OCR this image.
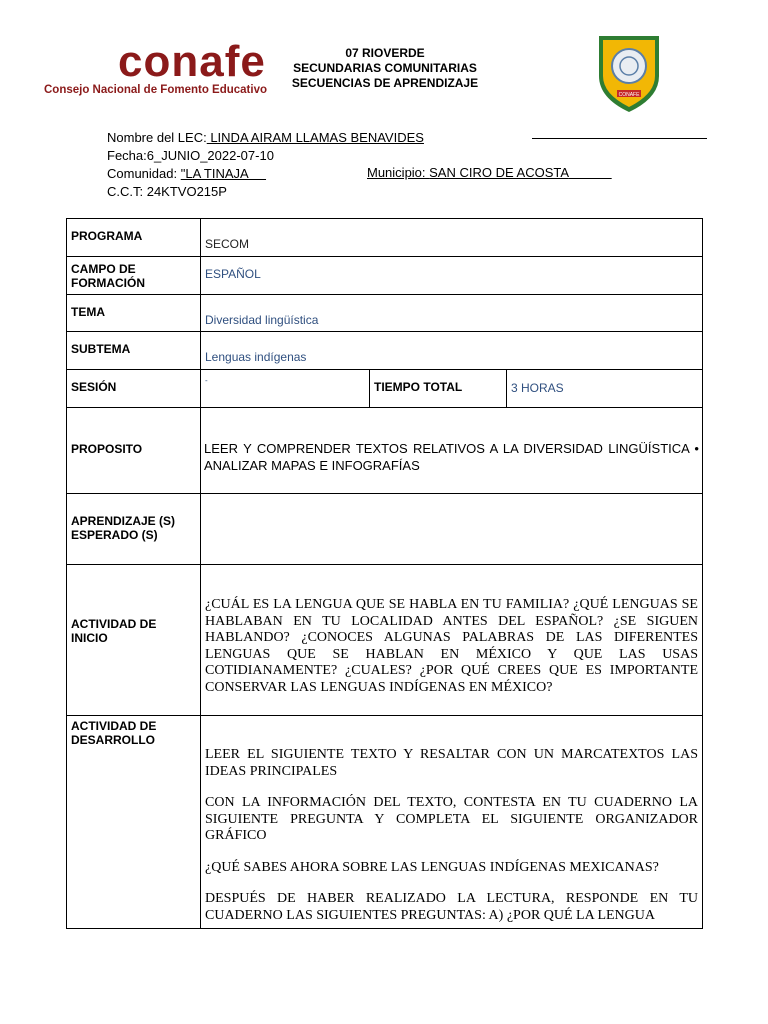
conafe
Consejo Nacional de Fomento Educativo
07 RIOVERDE
SECUNDARIAS COMUNITARIAS
SECUENCIAS DE APRENDIZAJE
CONAFE
Nombre del LEC: LINDA AIRAM LLAMAS BENAVIDES
Fecha:6_JUNIO_2022-07-10
Comunidad: "LA TINAJA	Municipio: SAN CIRO DE ACOSTA
C.C.T: 24KTVO215P
PROGRAMA	SECOM		

CAMPO DE FORMACIÓN	ESPAÑOL		

TEMA	Diversidad lingüística		

SUBTEMA	Lenguas indígenas		

SESIÓN	-	TIEMPO TOTAL	3 HORAS

PROPOSITO	LEER Y COMPRENDER TEXTOS RELATIVOS A LA DIVERSIDAD LINGÜÍSTICA • ANALIZAR MAPAS E INFOGRAFÍAS		

APRENDIZAJE (S) ESPERADO (S)			
ACTIVIDAD DE INICIO	¿CUÁL ES LA LENGUA QUE SE HABLA EN TU FAMILIA? ¿QUÉ LENGUAS SE HABLABAN EN TU LOCALIDAD ANTES DEL ESPAÑOL? ¿SE SIGUEN HABLANDO? ¿CONOCES ALGUNAS PALABRAS DE LAS DIFERENTES LENGUAS QUE SE HABLAN EN MÉXICO Y QUE LAS USAS COTIDIANAMENTE? ¿CUALES? ¿POR QUÉ CREES QUE ES IMPORTANTE CONSERVAR LAS LENGUAS INDÍGENAS EN MÉXICO?		

ACTIVIDAD DE DESARROLLO	LEER EL SIGUIENTE TEXTO Y RESALTAR CON UN MARCATEXTOS LAS IDEAS PRINCIPALES
CON LA INFORMACIÓN DEL TEXTO, CONTESTA EN TU CUADERNO LA SIGUIENTE PREGUNTA Y COMPLETA EL SIGUIENTE ORGANIZADOR GRÁFICO
¿QUÉ SABES AHORA SOBRE LAS LENGUAS INDÍGENAS MEXICANAS?
DESPUÉS DE HABER REALIZADO LA LECTURA, RESPONDE EN TU CUADERNO LAS SIGUIENTES PREGUNTAS: A) ¿POR QUÉ LA LENGUA		
